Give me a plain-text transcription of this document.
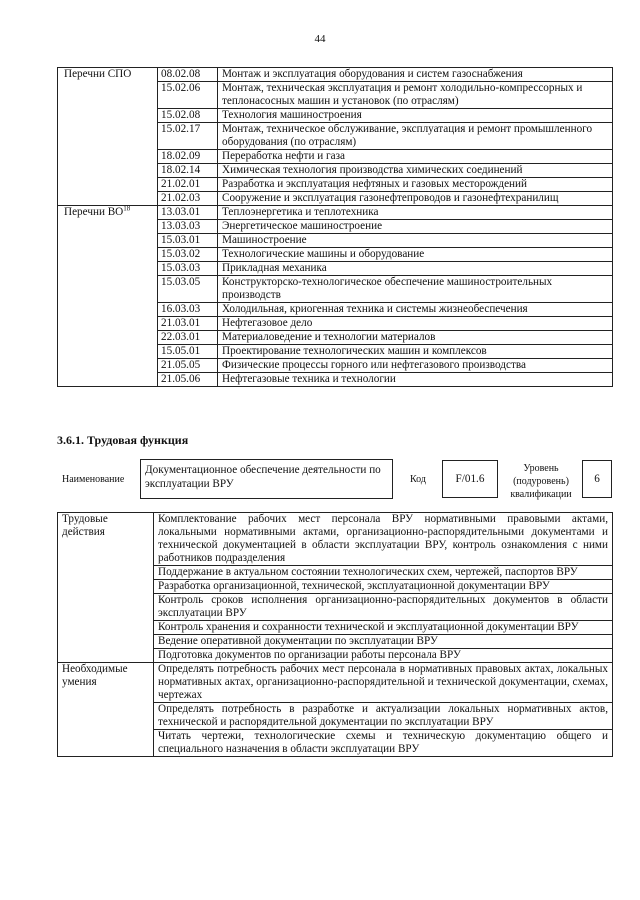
44
Перечни СПО	08.02.08	Монтаж и эксплуатация оборудования и систем газоснабжения
	15.02.06	Монтаж, техническая эксплуатация и ремонт холодильно-компрессорных и теплонасосных машин и установок (по отраслям)
	15.02.08	Технология машиностроения
	15.02.17	Монтаж, техническое обслуживание, эксплуатация и ремонт промышленного оборудования (по отраслям)
	18.02.09	Переработка нефти и газа
	18.02.14	Химическая технология производства химических соединений
	21.02.01	Разработка и эксплуатация нефтяных и газовых месторождений
	21.02.03	Сооружение и эксплуатация газонефтепроводов и газонефтехранилищ
Перечни ВО$^{18}$	13.03.01	Теплоэнергетика и теплотехника
	13.03.03	Энергетическое машиностроение
	15.03.01	Машиностроение
	15.03.02	Технологические машины и оборудование
	15.03.03	Прикладная механика
	15.03.05	Конструкторско-технологическое обеспечение машиностроительных производств
	16.03.03	Холодильная, криогенная техника и системы жизнеобеспечения
	21.03.01	Нефтегазовое дело
	22.03.01	Материаловедение и технологии материалов
	15.05.01	Проектирование технологических машин и комплексов
	21.05.05	Физические процессы горного или нефтегазового производства
	21.05.06	Нефтегазовые техника и технологии
3.6.1. Трудовая функция
Наименование
Документационное обеспечение деятельности по эксплуатации ВРУ	Код	F/01.6
Уровень (подуровень) квалификации
6
Трудовые действия	Комплектование рабочих мест персонала ВРУ нормативными правовыми актами, локальными нормативными актами, организационно-распорядительными документами и технической документацией в области эксплуатации ВРУ, контроль ознакомления с ними работников подразделения
	Поддержание в актуальном состоянии технологических схем, чертежей, паспортов ВРУ
	Разработка организационной, технической, эксплуатационной документации ВРУ
	Контроль сроков исполнения организационно-распорядительных документов в области эксплуатации ВРУ
	Контроль хранения и сохранности технической и эксплуатационной документации ВРУ
	Ведение оперативной документации по эксплуатации ВРУ
	Подготовка документов по организации работы персонала ВРУ
Необходимые умения	Определять потребность рабочих мест персонала в нормативных правовых актах, локальных нормативных актах, организационно-распорядительной и технической документации, схемах, чертежах
	Определять потребность в разработке и актуализации локальных нормативных актов, технической и распорядительной документации по эксплуатации ВРУ
	Читать чертежи, технологические схемы и техническую документацию общего и специального назначения в области эксплуатации ВРУ
